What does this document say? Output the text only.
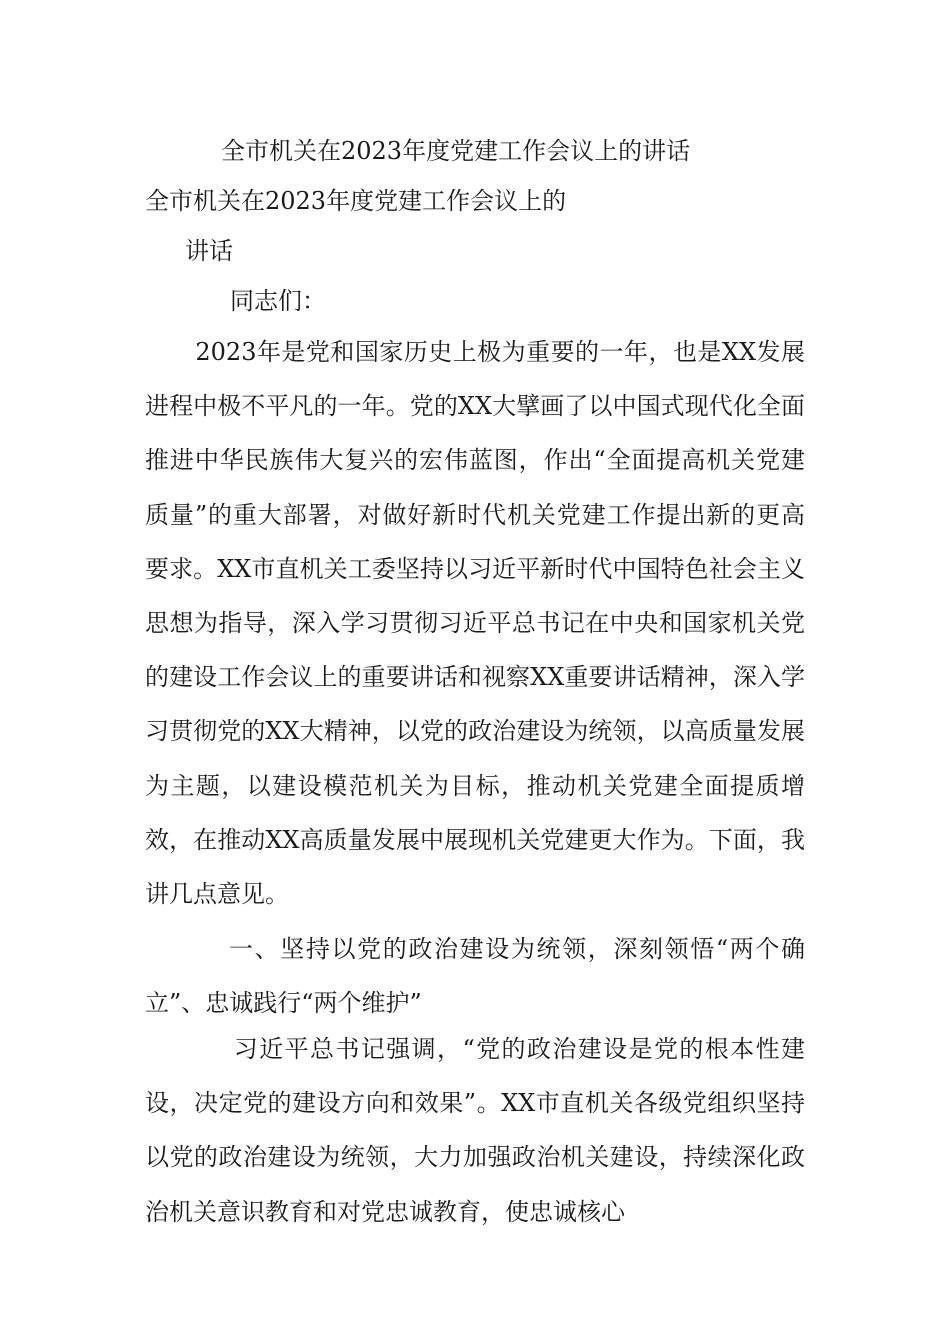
全市机关在2023年度党建工作会议上的讲话
全市机关在2023年度党建工作会议上的
讲话
同志们：

2023年是党和国家历史上极为重要的一年，也是XX发展进程中极不平凡的一年。党的XX大擘画了以中国式现代化全面推进中华民族伟大复兴的宏伟蓝图，作出“全面提高机关党建质量”的重大部署，对做好新时代机关党建工作提出新的更高要求。XX市直机关工委坚持以习近平新时代中国特色社会主义思想为指导，深入学习贯彻习近平总书记在中央和国家机关党的建设工作会议上的重要讲话和视察XX重要讲话精神，深入学习贯彻党的XX大精神，以党的政治建设为统领，以高质量发展为主题，以建设模范机关为目标，推动机关党建全面提质增效，在推动XX高质量发展中展现机关党建更大作为。下面，我讲几点意见。

一、坚持以党的政治建设为统领，深刻领悟“两个确立”、忠诚践行“两个维护”

习近平总书记强调，“党的政治建设是党的根本性建设，决定党的建设方向和效果”。XX市直机关各级党组织坚持以党的政治建设为统领，大力加强政治机关建设，持续深化政治机关意识教育和对党忠诚教育，使忠诚核心
